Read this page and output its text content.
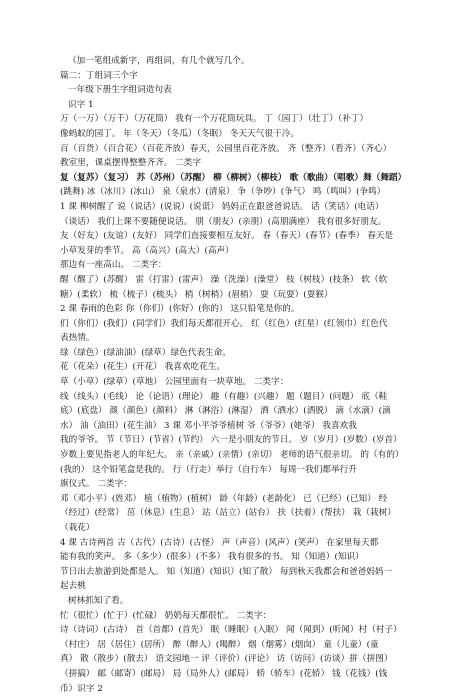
（加一笔组成新字，再组词，有几个就写几个。
篇二：丁组词三个字
一年级下册生字组词造句表
识字 1
万（一万）（万千）（万花筒） 我有一个万花筒玩具。 丁（园丁）（壮丁）（补丁）
像蚂蚁的园丁。 年（冬天）（冬瓜）（冬眠） 冬天天气很干冷。
百（百货）（百合花）（百花齐放）春天，公园里百花齐放。 齐（整齐）（看齐）（齐心）
教室里，课桌摆得整整齐齐。 二类字
复（复苏）（复习） 苏（苏州）（苏醒） 柳（柳树）（柳枝） 歌（歌曲）（唱歌）舞（舞蹈）
(跳舞) 冰（冰川）(冰山） 泉（泉水）(清泉） 争（争吵）(争气） 鸣（鸣叫）(争鸣）
1 课 柳树醒了 说（说话）(说说）(说谎） 妈妈正在跟爸爸说话。 话（笑话）(电话）
（谈话） 我们上课不要随便说话。 朋（朋友）(亲朋）(高朋满座） 我有很多好朋友。
友（好友）(友谊）(友好） 同学们直接要相互友好。 春（春天）(春节）(春季） 春天是
小草发芽的季节。 高（高兴）(高大）(高声）
那边有一座高山。 二类字：
醒（醒了）(苏醒） 雷（打雷）(雷声） 澡（洗澡）(澡堂） 枝（树枝）(枝条） 软（软
糖）(柔软） 梳（梳子）(梳头） 梢（树梢）(眉梢） 耍（玩耍）(耍猴）
2 课 春雨的色彩 你（你们）(你好）(你的） 这只铅笔是你的。
们（你们）(我们）(同学们）我们每天都很开心。 红（红色）(红星）(红领巾）红色代
表热情。
绿（绿色）(绿油油）(绿草）绿色代表生命。
花（花朵）(花生）(开花） 我喜欢吃花生。
草（小草）(绿草）(草地） 公园里面有一块草地。 二类字：
线（线头）(毛线） 论（论语）(理论） 趣（有趣）(兴趣） 题（题目）(问题） 底（鞋
底）(底盘） 颜（颜色）(颜料） 淋（淋浴）(淋湿） 洒（洒水）(洒脱） 滴（水滴）(滴
水） 油（油田）(花生油） 3 课 邓小平爷爷植树 爷（爷爷）(姥爷） 我喜欢我
我的爷爷。 节（节日）(节省）(节约） 六一是小朋友的节日。 岁（岁月）(岁数）(岁首）
岁数上要见指老人的年纪大。 亲（亲戚）(亲情）(亲切） 老师的语气很亲切。 的（有的）
(我的） 这个铅笔盒是我的。 行（行走）举行（自行车） 每周一我们都举行升
旗仪式。 二类字：
邓（邓小平）(姓邓） 植（植物）(植树） 龄（年龄）(老龄化） 已（已经）(已知） 经
（经过）(经常） 茁（休息）(生息） 站（站立）(站台） 扶（扶着）(帮扶） 栽（栽树）
（栽花）
4 课 古诗两首 古（古代）(古诗）(古怪） 声（声音）(风声）(笑声） 在家里每天都
能有我的笑声。 多（多少）(很多）(不多） 我有很多的书。 知（知道）(知识）
节日出去旅游到处都是人。 知（知道）(知识）(知了散） 每到秋天我都会和爸爸妈妈一
起去桃
树林抓知了看。
忙（很忙）(忙于）(忙碌） 奶奶每天都很忙。 二类字：
诗（诗词）(古诗） 首（首都）(首先） 眠（睡眠）(入眠） 闻（闻到）(听闻）村（村子）
（村庄） 居（居住）(居所） 醉（醉人）(喝醉） 烟（烟雾）(烟囱） 童（儿童）(童
真） 散（散步）(散去） 语文园地一 评（评价）(评论） 访（访问）(访谈）拼（拼图）
（拼搞） 邮（邮寄）(邮局） 局（局外人）(邮局） 轿（轿车）(花轿） 钱（花钱）(钱
币）识字 2
